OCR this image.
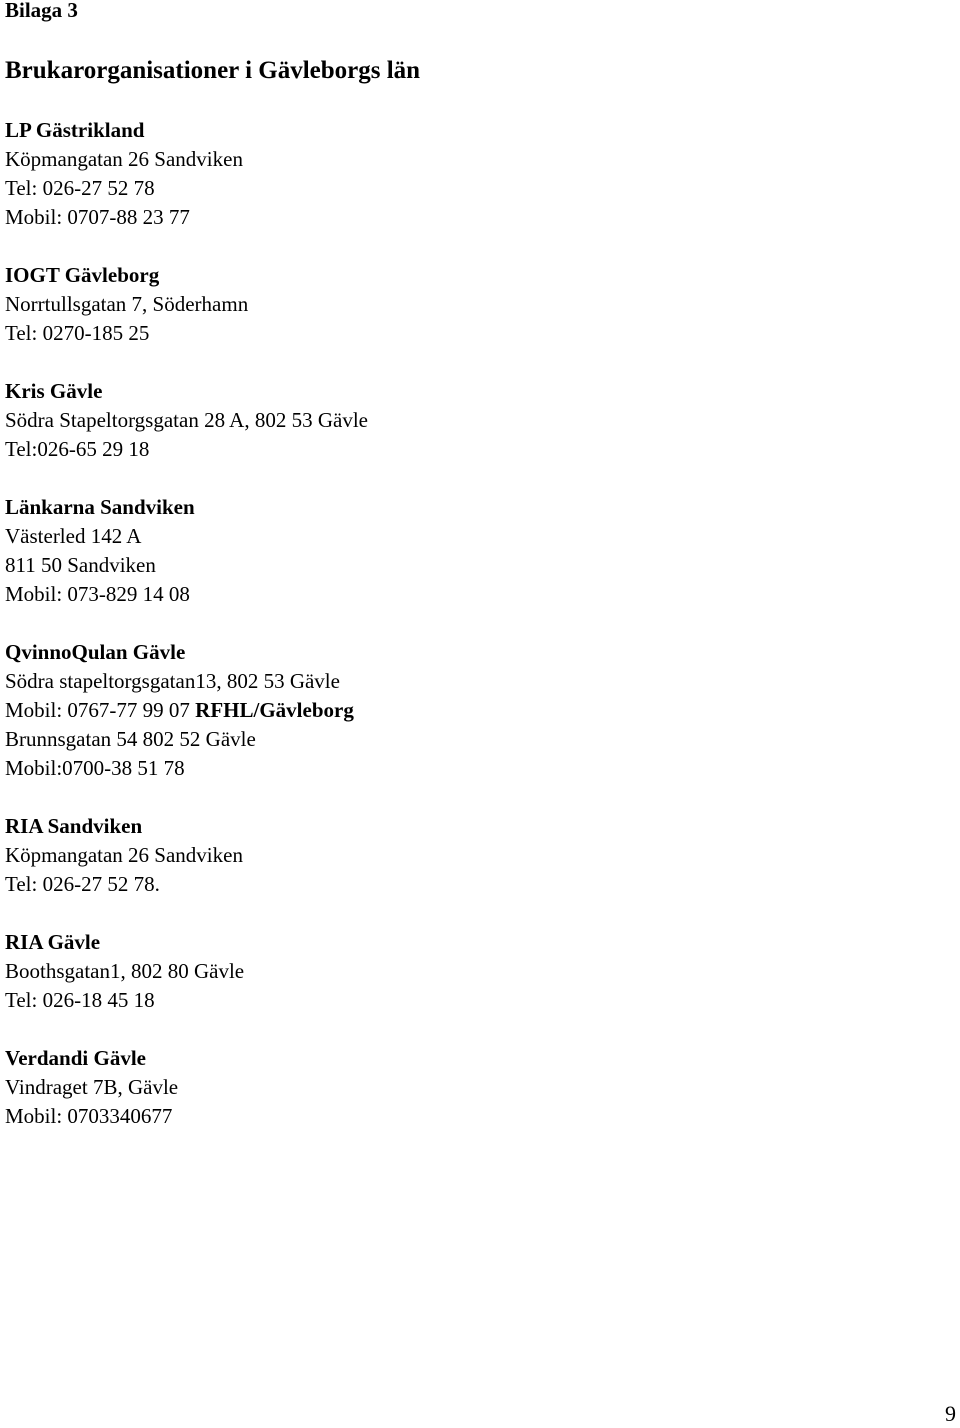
Bilaga 3
Brukarorganisationer i Gävleborgs län
LP Gästrikland
Köpmangatan 26 Sandviken
Tel: 026-27 52 78
Mobil: 0707-88 23 77
IOGT Gävleborg
Norrtullsgatan 7, Söderhamn
Tel: 0270-185 25
Kris Gävle
Södra Stapeltorgsgatan 28 A, 802 53 Gävle
Tel:026-65 29 18
Länkarna Sandviken
Västerled 142 A
811 50 Sandviken
Mobil: 073-829 14 08
QvinnoQulan Gävle
Södra stapeltorgsgatan13, 802 53 Gävle
Mobil: 0767-77 99 07 RFHL/Gävleborg
Brunnsgatan 54 802 52 Gävle
Mobil:0700-38 51 78
RIA Sandviken
Köpmangatan 26 Sandviken
Tel: 026-27 52 78.
RIA Gävle
Boothsgatan1, 802 80 Gävle
Tel: 026-18 45 18
Verdandi Gävle
Vindraget 7B, Gävle
Mobil: 0703340677
9
